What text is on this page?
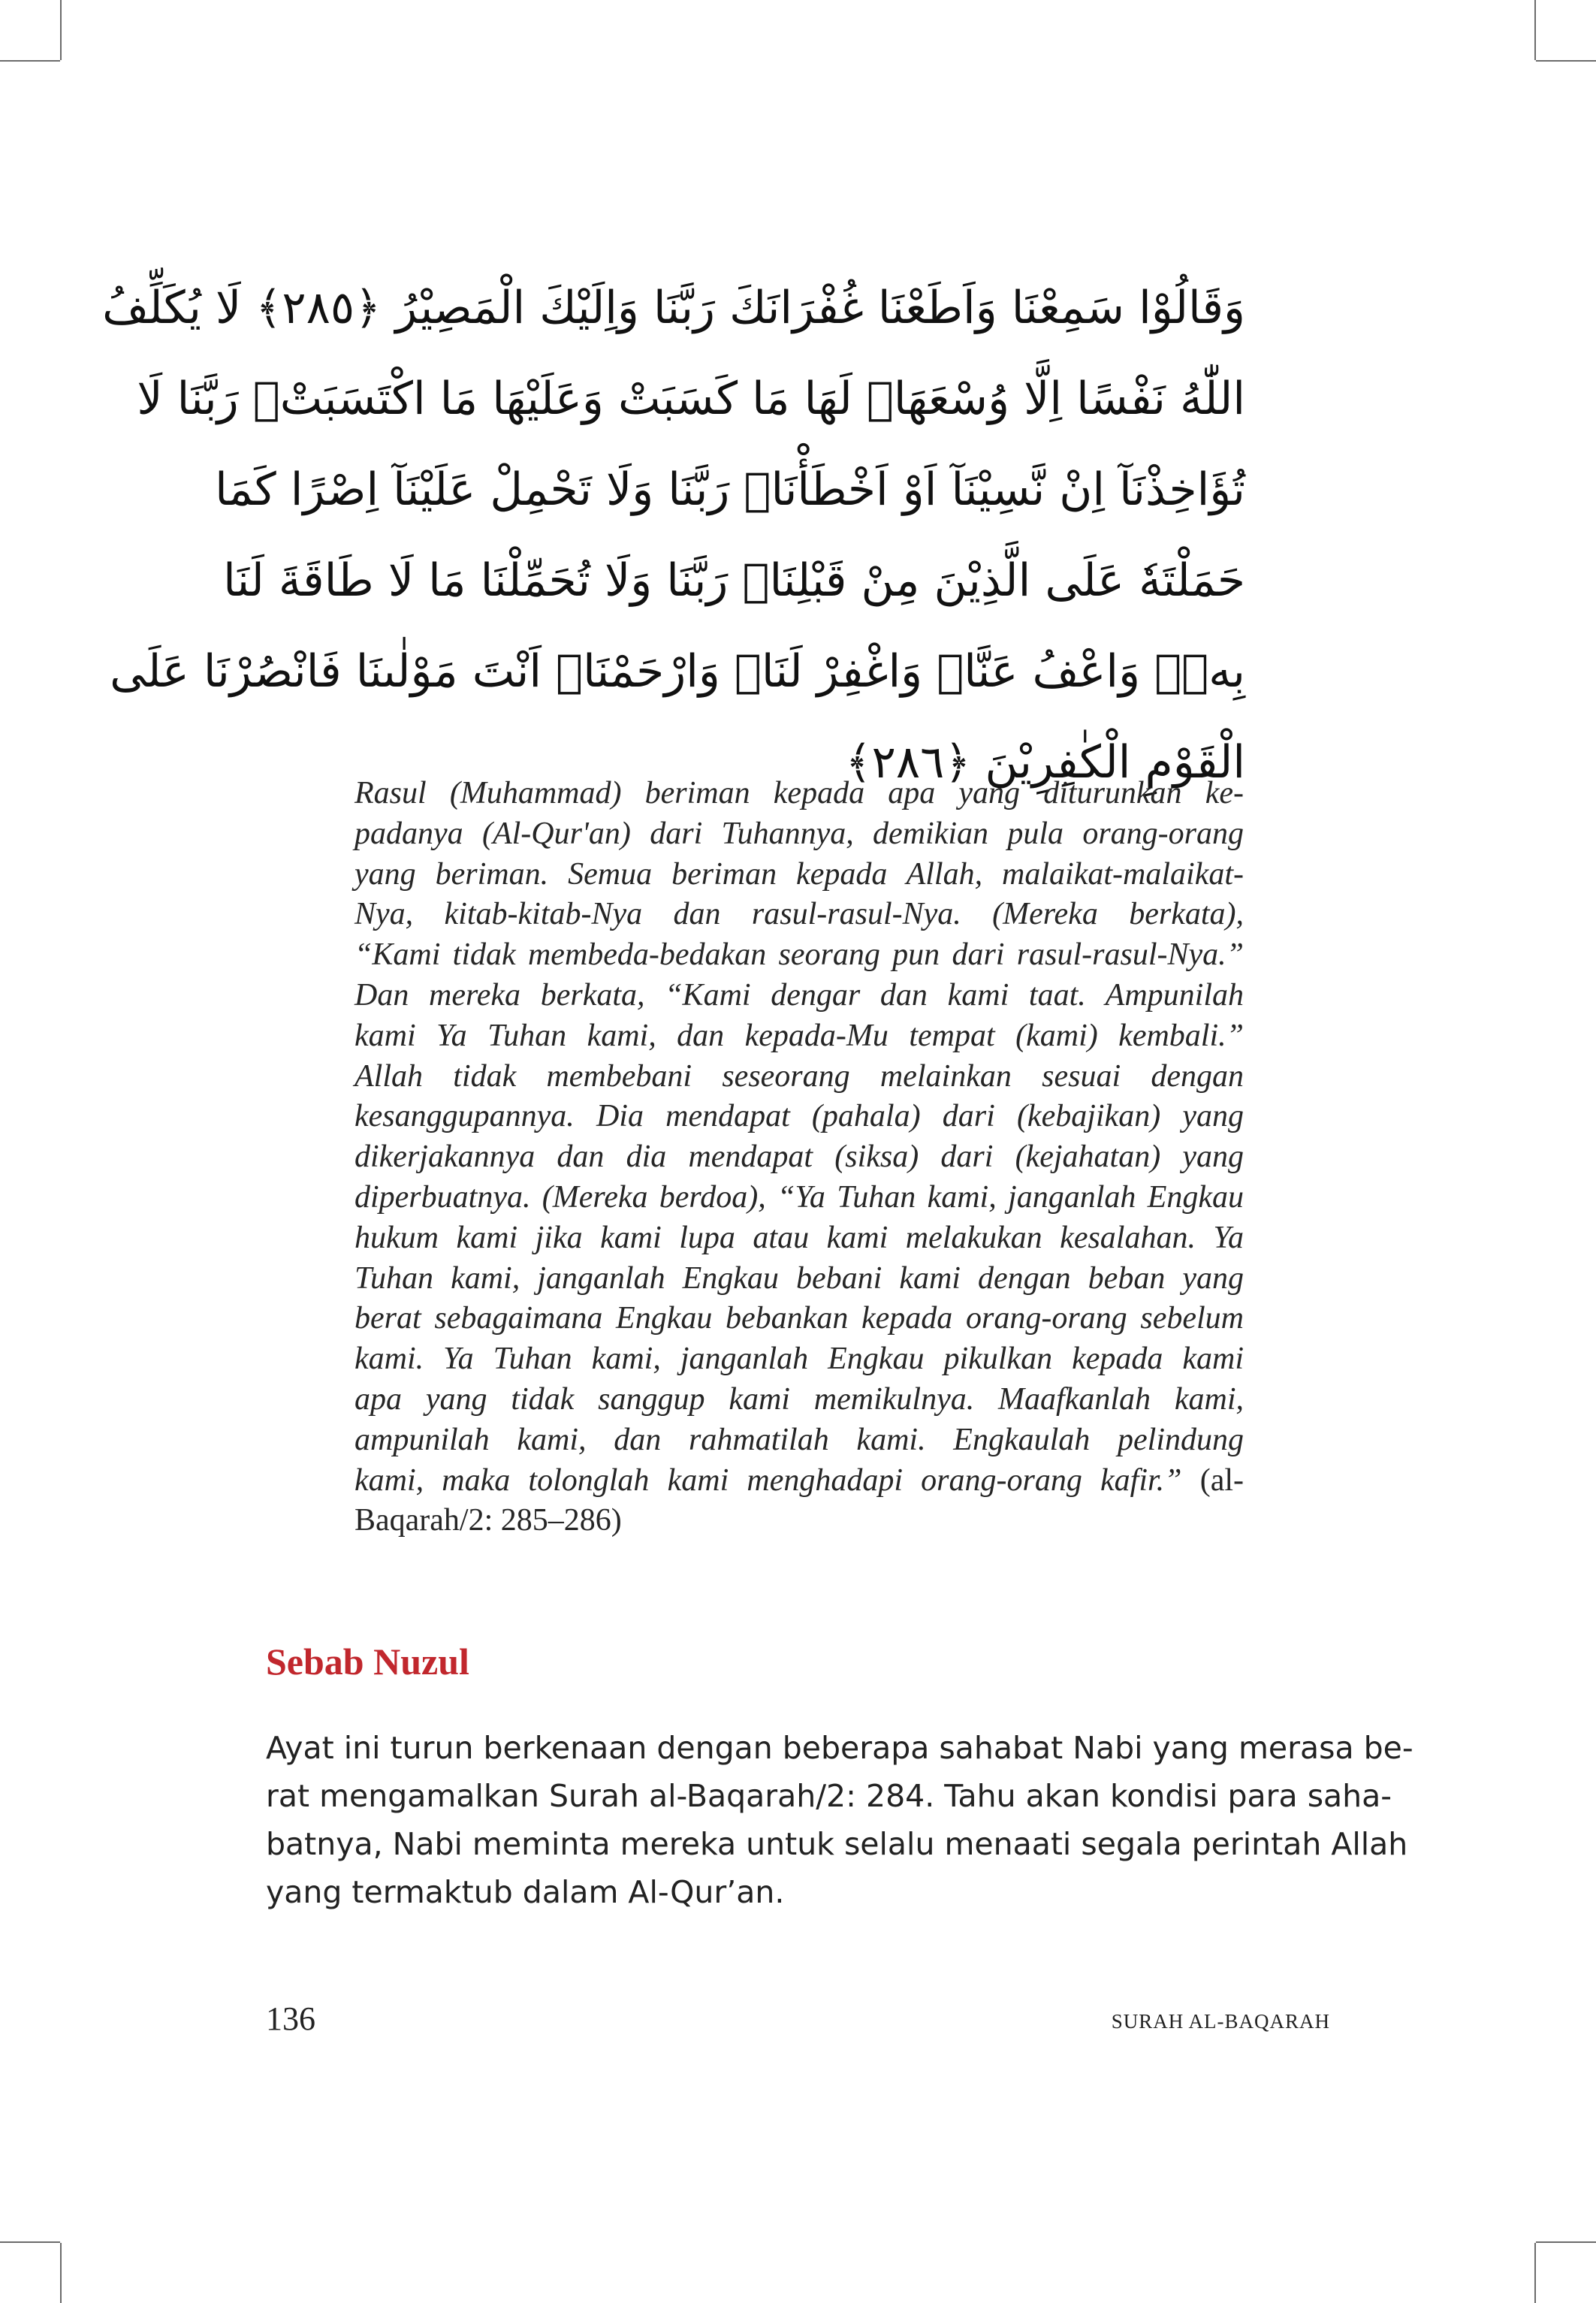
وَقَالُوْا سَمِعْنَا وَاَطَعْنَا غُفْرَانَكَ رَبَّنَا وَاِلَيْكَ الْمَصِيْرُ ﴿٢٨٥﴾ لَا يُكَلِّفُ
اللّٰهُ نَفْسًا اِلَّا وُسْعَهَاۗ لَهَا مَا كَسَبَتْ وَعَلَيْهَا مَا اكْتَسَبَتْۗ رَبَّنَا لَا
تُؤَاخِذْنَآ اِنْ نَّسِيْنَآ اَوْ اَخْطَأْنَاۚ رَبَّنَا وَلَا تَحْمِلْ عَلَيْنَآ اِصْرًا كَمَا
حَمَلْتَهٗ عَلَى الَّذِيْنَ مِنْ قَبْلِنَاۚ رَبَّنَا وَلَا تُحَمِّلْنَا مَا لَا طَاقَةَ لَنَا
بِهٖۚ وَاعْفُ عَنَّاۗ وَاغْفِرْ لَنَاۗ وَارْحَمْنَاۗ اَنْتَ مَوْلٰىنَا فَانْصُرْنَا عَلَى
الْقَوْمِ الْكٰفِرِيْنَ ﴿٢٨٦﴾
Rasul (Muhammad) beriman kepada apa yang diturunkan ke-
padanya (Al-Qur'an) dari Tuhannya, demikian pula orang-orang
yang beriman. Semua beriman kepada Allah, malaikat-malaikat-
Nya, kitab-kitab-Nya dan rasul-rasul-Nya. (Mereka berkata),
“Kami tidak membeda-bedakan seorang pun dari rasul-rasul-Nya.”
Dan mereka berkata, “Kami dengar dan kami taat. Ampunilah
kami Ya Tuhan kami, dan kepada-Mu tempat (kami) kembali.”
Allah tidak membebani seseorang melainkan sesuai dengan
kesanggupannya. Dia mendapat (pahala) dari (kebajikan) yang
dikerjakannya dan dia mendapat (siksa) dari (kejahatan) yang
diperbuatnya. (Mereka berdoa), “Ya Tuhan kami, janganlah Engkau
hukum kami jika kami lupa atau kami melakukan kesalahan. Ya
Tuhan kami, janganlah Engkau bebani kami dengan beban yang
berat sebagaimana Engkau bebankan kepada orang-orang sebelum
kami. Ya Tuhan kami, janganlah Engkau pikulkan kepada kami
apa yang tidak sanggup kami memikulnya. Maafkanlah kami,
ampunilah kami, dan rahmatilah kami. Engkaulah pelindung
kami, maka tolonglah kami menghadapi orang-orang kafir.” (al-
Baqarah/2: 285–286)
Sebab Nuzul
Ayat ini turun berkenaan dengan beberapa sahabat Nabi yang merasa be-
rat mengamalkan Surah al-Baqarah/2: 284. Tahu akan kondisi para saha-
batnya, Nabi meminta mereka untuk selalu menaati segala perintah Allah
yang termaktub dalam Al-Qur’an.
136	SURAH AL-BAQARAH
